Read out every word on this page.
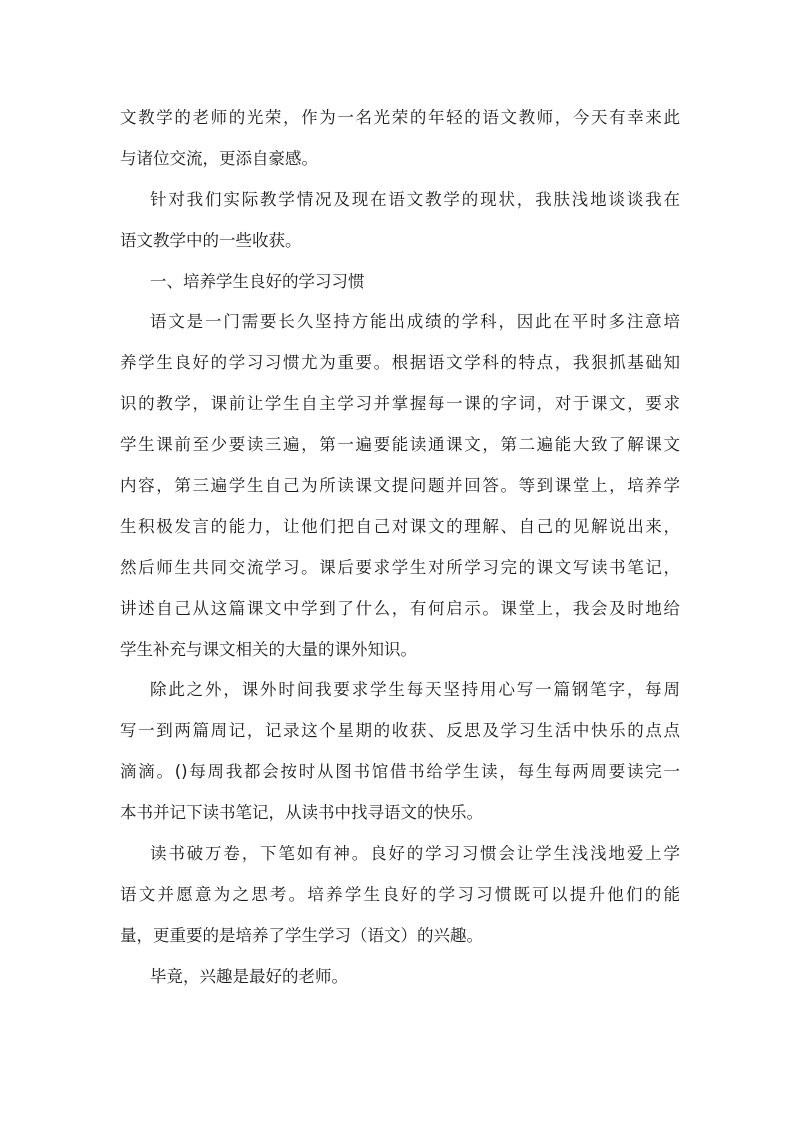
文教学的老师的光荣，作为一名光荣的年轻的语文教师，今天有幸来此
与诸位交流，更添自豪感。
针对我们实际教学情况及现在语文教学的现状，我肤浅地谈谈我在
语文教学中的一些收获。
一、培养学生良好的学习习惯
语文是一门需要长久坚持方能出成绩的学科，因此在平时多注意培
养学生良好的学习习惯尤为重要。根据语文学科的特点，我狠抓基础知
识的教学，课前让学生自主学习并掌握每一课的字词，对于课文，要求
学生课前至少要读三遍，第一遍要能读通课文，第二遍能大致了解课文
内容，第三遍学生自己为所读课文提问题并回答。等到课堂上，培养学
生积极发言的能力，让他们把自己对课文的理解、自己的见解说出来，
然后师生共同交流学习。课后要求学生对所学习完的课文写读书笔记，
讲述自己从这篇课文中学到了什么，有何启示。课堂上，我会及时地给
学生补充与课文相关的大量的课外知识。
除此之外，课外时间我要求学生每天坚持用心写一篇钢笔字，每周
写一到两篇周记，记录这个星期的收获、反思及学习生活中快乐的点点
滴滴。()每周我都会按时从图书馆借书给学生读，每生每两周要读完一
本书并记下读书笔记，从读书中找寻语文的快乐。
读书破万卷，下笔如有神。良好的学习习惯会让学生浅浅地爱上学
语文并愿意为之思考。培养学生良好的学习习惯既可以提升他们的能
量，更重要的是培养了学生学习（语文）的兴趣。
毕竟，兴趣是最好的老师。
